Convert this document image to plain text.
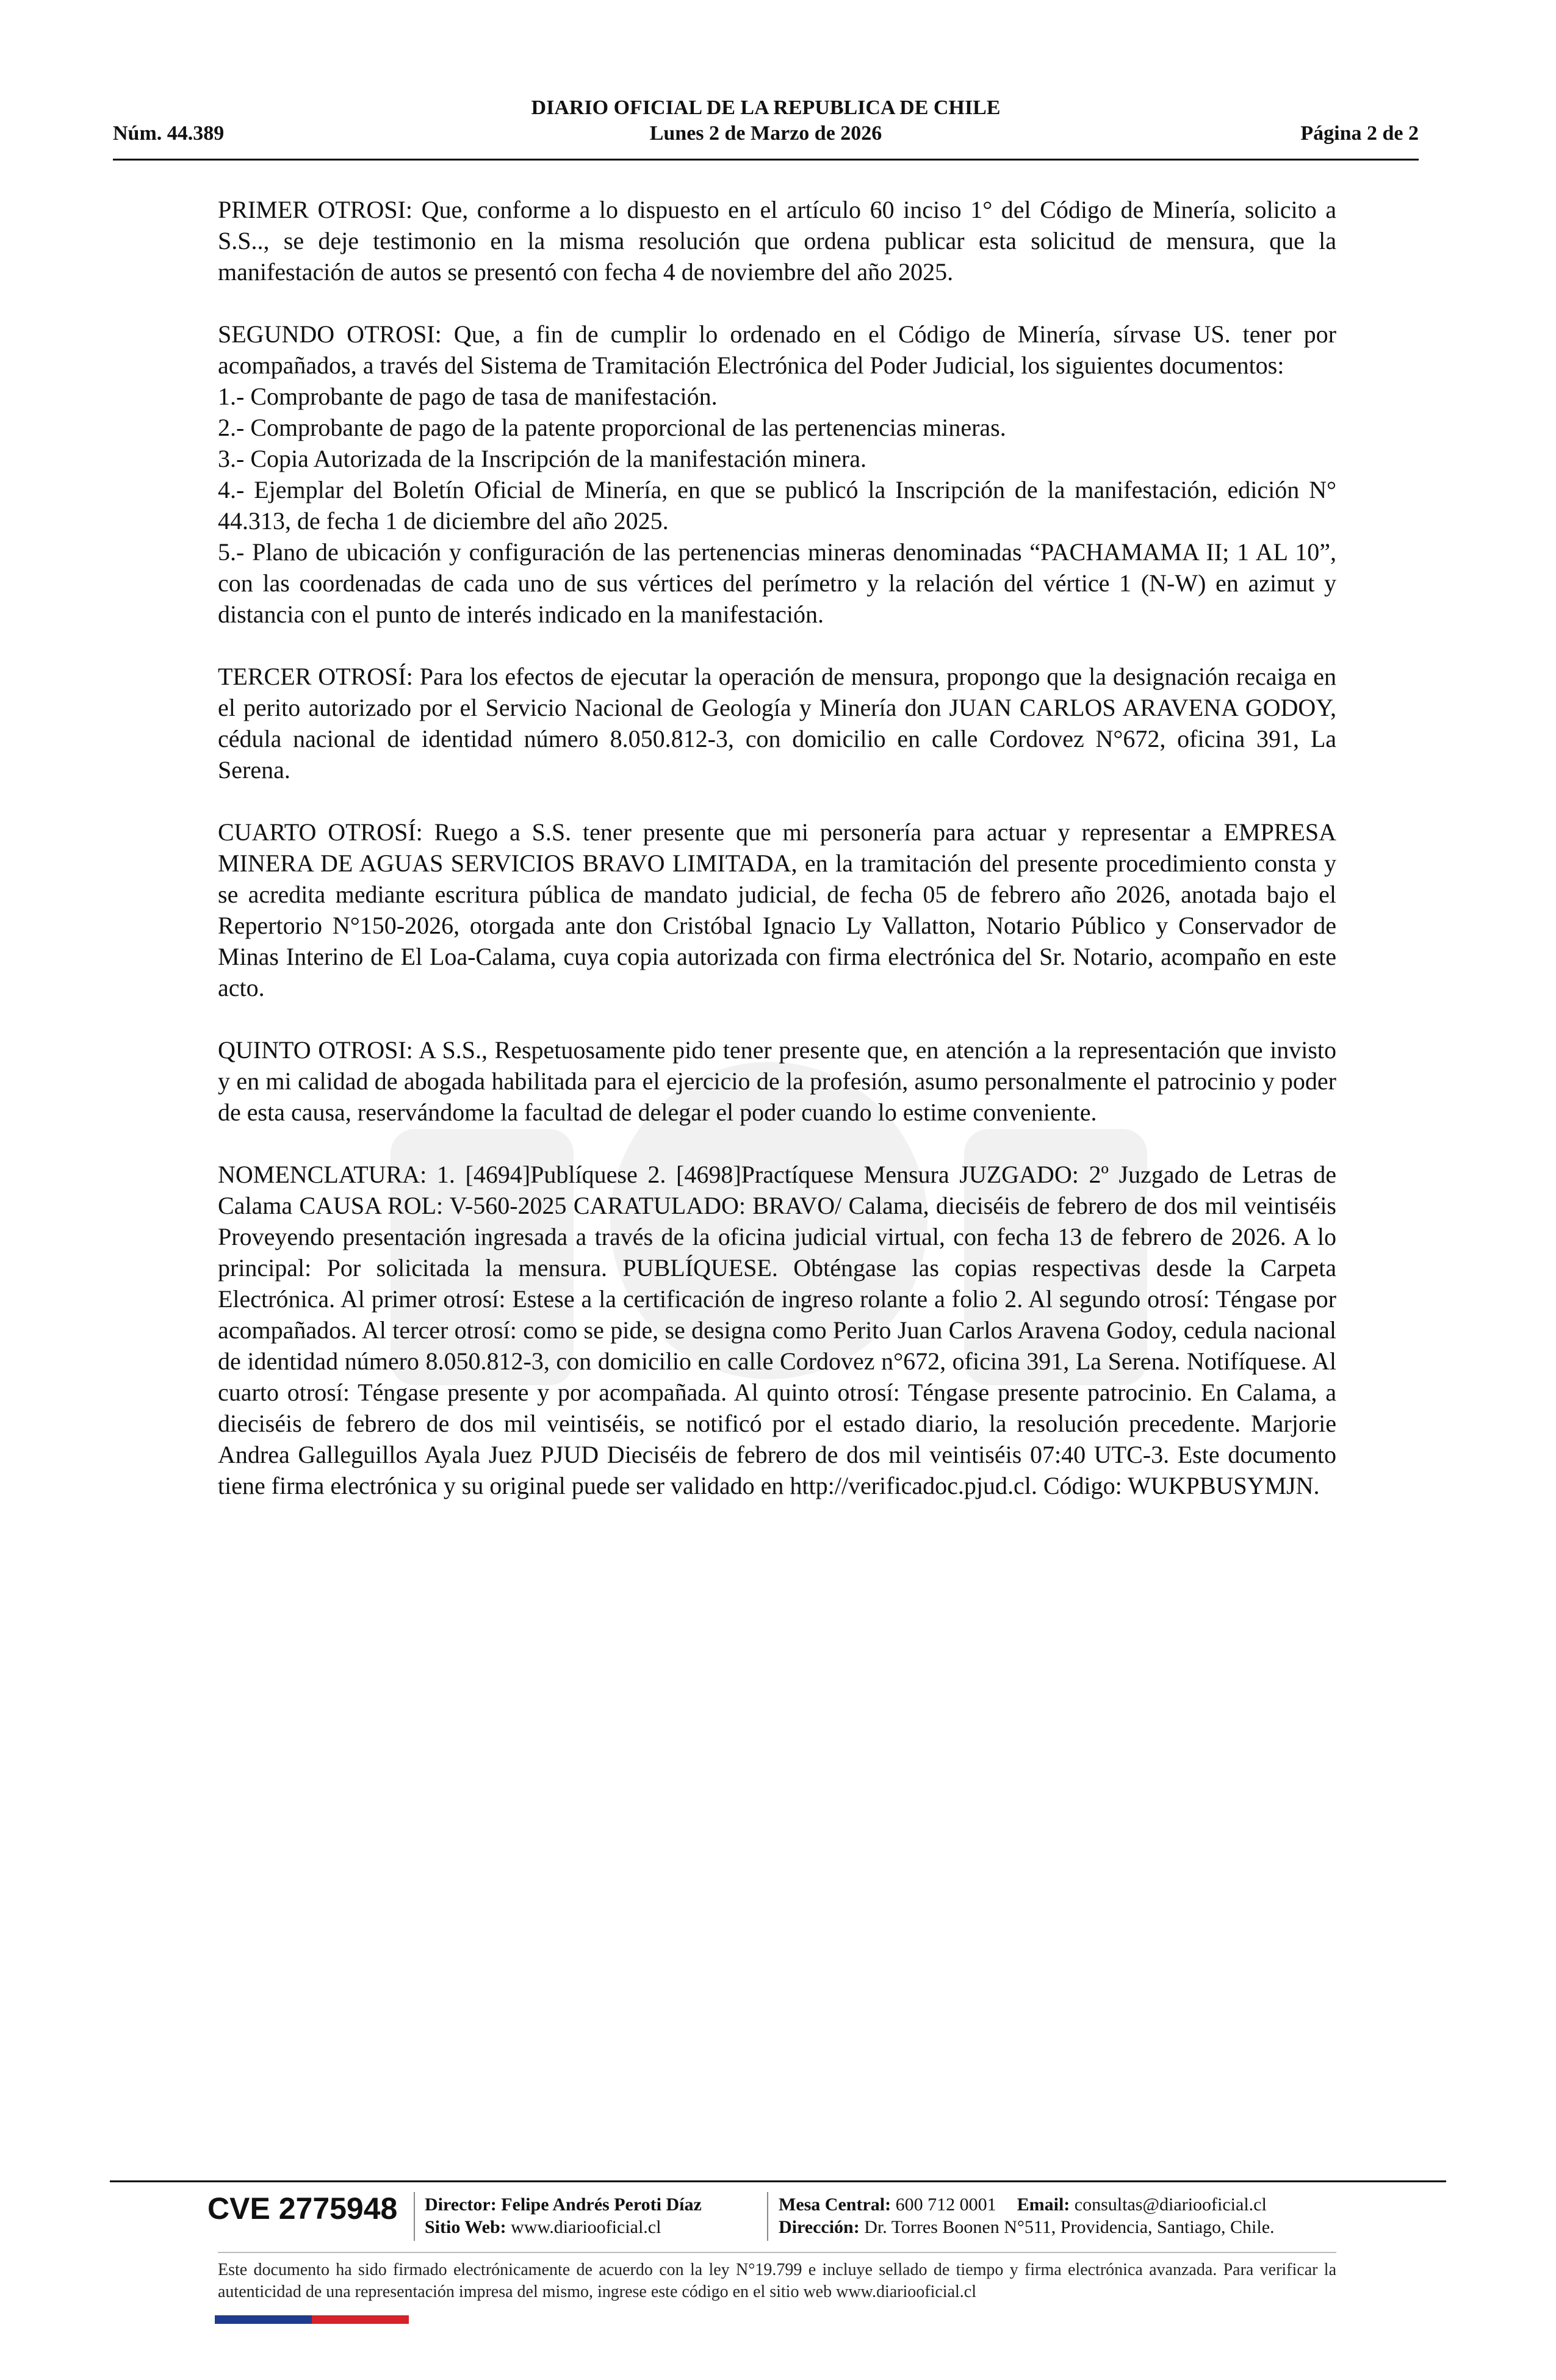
DIARIO OFICIAL DE LA REPUBLICA DE CHILE
Núm. 44.389	Lunes 2 de Marzo de 2026	Página 2 de 2
PRIMER OTROSI: Que, conforme a lo dispuesto en el artículo 60 inciso 1° del Código de Minería, solicito a S.S.., se deje testimonio en la misma resolución que ordena publicar esta solicitud de mensura, que la manifestación de autos se presentó con fecha 4 de noviembre del año 2025.
SEGUNDO OTROSI: Que, a fin de cumplir lo ordenado en el Código de Minería, sírvase US. tener por acompañados, a través del Sistema de Tramitación Electrónica del Poder Judicial, los siguientes documentos:
1.- Comprobante de pago de tasa de manifestación.
2.- Comprobante de pago de la patente proporcional de las pertenencias mineras.
3.- Copia Autorizada de la Inscripción de la manifestación minera.
4.- Ejemplar del Boletín Oficial de Minería, en que se publicó la Inscripción de la manifestación, edición N° 44.313, de fecha 1 de diciembre del año 2025.
5.- Plano de ubicación y configuración de las pertenencias mineras denominadas “PACHAMAMA II; 1 AL 10”, con las coordenadas de cada uno de sus vértices del perímetro y la relación del vértice 1 (N-W) en azimut y distancia con el punto de interés indicado en la manifestación.
TERCER OTROSÍ: Para los efectos de ejecutar la operación de mensura, propongo que la designación recaiga en el perito autorizado por el Servicio Nacional de Geología y Minería don JUAN CARLOS ARAVENA GODOY, cédula nacional de identidad número 8.050.812-3, con domicilio en calle Cordovez N°672, oficina 391, La Serena.
CUARTO OTROSÍ: Ruego a S.S. tener presente que mi personería para actuar y representar a EMPRESA MINERA DE AGUAS SERVICIOS BRAVO LIMITADA, en la tramitación del presente procedimiento consta y se acredita mediante escritura pública de mandato judicial, de fecha 05 de febrero año 2026, anotada bajo el Repertorio N°150-2026, otorgada ante don Cristóbal Ignacio Ly Vallatton, Notario Público y Conservador de Minas Interino de El Loa-Calama, cuya copia autorizada con firma electrónica del Sr. Notario, acompaño en este acto.
QUINTO OTROSI: A S.S., Respetuosamente pido tener presente que, en atención a la representación que invisto y en mi calidad de abogada habilitada para el ejercicio de la profesión, asumo personalmente el patrocinio y poder de esta causa, reservándome la facultad de delegar el poder cuando lo estime conveniente.
NOMENCLATURA: 1. [4694]Publíquese 2. [4698]Practíquese Mensura JUZGADO: 2º Juzgado de Letras de Calama CAUSA ROL: V-560-2025 CARATULADO: BRAVO/ Calama, dieciséis de febrero de dos mil veintiséis Proveyendo presentación ingresada a través de la oficina judicial virtual, con fecha 13 de febrero de 2026. A lo principal: Por solicitada la mensura. PUBLÍQUESE. Obténgase las copias respectivas desde la Carpeta Electrónica. Al primer otrosí: Estese a la certificación de ingreso rolante a folio 2. Al segundo otrosí: Téngase por acompañados. Al tercer otrosí: como se pide, se designa como Perito Juan Carlos Aravena Godoy, cedula nacional de identidad número 8.050.812-3, con domicilio en calle Cordovez n°672, oficina 391, La Serena. Notifíquese. Al cuarto otrosí: Téngase presente y por acompañada. Al quinto otrosí: Téngase presente patrocinio. En Calama, a dieciséis de febrero de dos mil veintiséis, se notificó por el estado diario, la resolución precedente. Marjorie Andrea Galleguillos Ayala Juez PJUD Dieciséis de febrero de dos mil veintiséis 07:40 UTC-3. Este documento tiene firma electrónica y su original puede ser validado en http://verificadoc.pjud.cl. Código: WUKPBUSYMJN.
CVE 2775948 Director: Felipe Andrés Peroti Díaz
Sitio Web: www.diariooficial.cl
Mesa Central: 600 712 0001 Email: consultas@diariooficial.cl
Dirección: Dr. Torres Boonen N°511, Providencia, Santiago, Chile.
Este documento ha sido firmado electrónicamente de acuerdo con la ley N°19.799 e incluye sellado de tiempo y firma electrónica avanzada. Para verificar la autenticidad de una representación impresa del mismo, ingrese este código en el sitio web www.diariooficial.cl
